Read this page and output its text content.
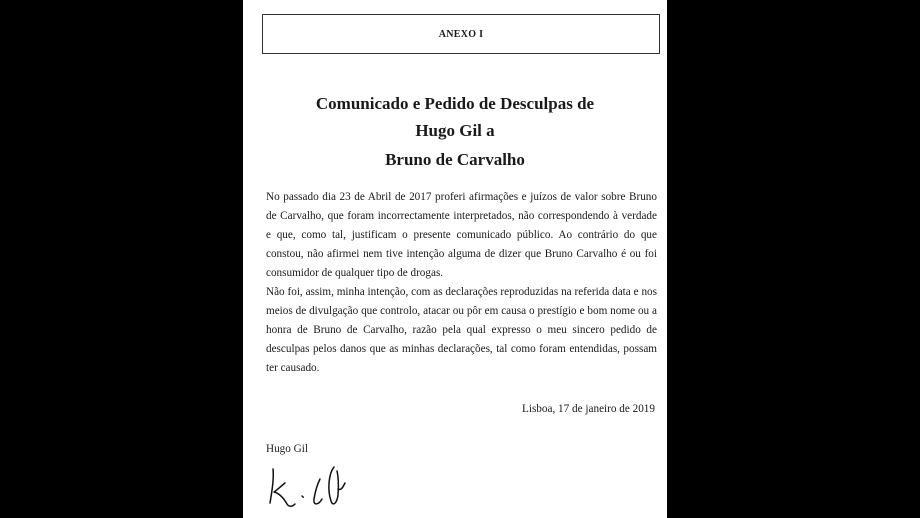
ANEXO I
Comunicado e Pedido de Desculpas de
Hugo Gil a
Bruno de Carvalho

No passado dia 23 de Abril de 2017 proferi afirmações e juízos de valor sobre Bruno de Carvalho, que foram incorrectamente interpretados, não correspondendo à verdade e que, como tal, justificam o presente comunicado público. Ao contrário do que constou, não afirmei nem tive intenção alguma de dizer que Bruno Carvalho é ou foi consumidor de qualquer tipo de drogas.

Não foi, assim, minha intenção, com as declarações reproduzidas na referida data e nos meios de divulgação que controlo, atacar ou pôr em causa o prestígio e bom nome ou a honra de Bruno de Carvalho, razão pela qual expresso o meu sincero pedido de desculpas pelos danos que as minhas declarações, tal como foram entendidas, possam ter causado.

Lisboa, 17 de janeiro de 2019
Hugo Gil
